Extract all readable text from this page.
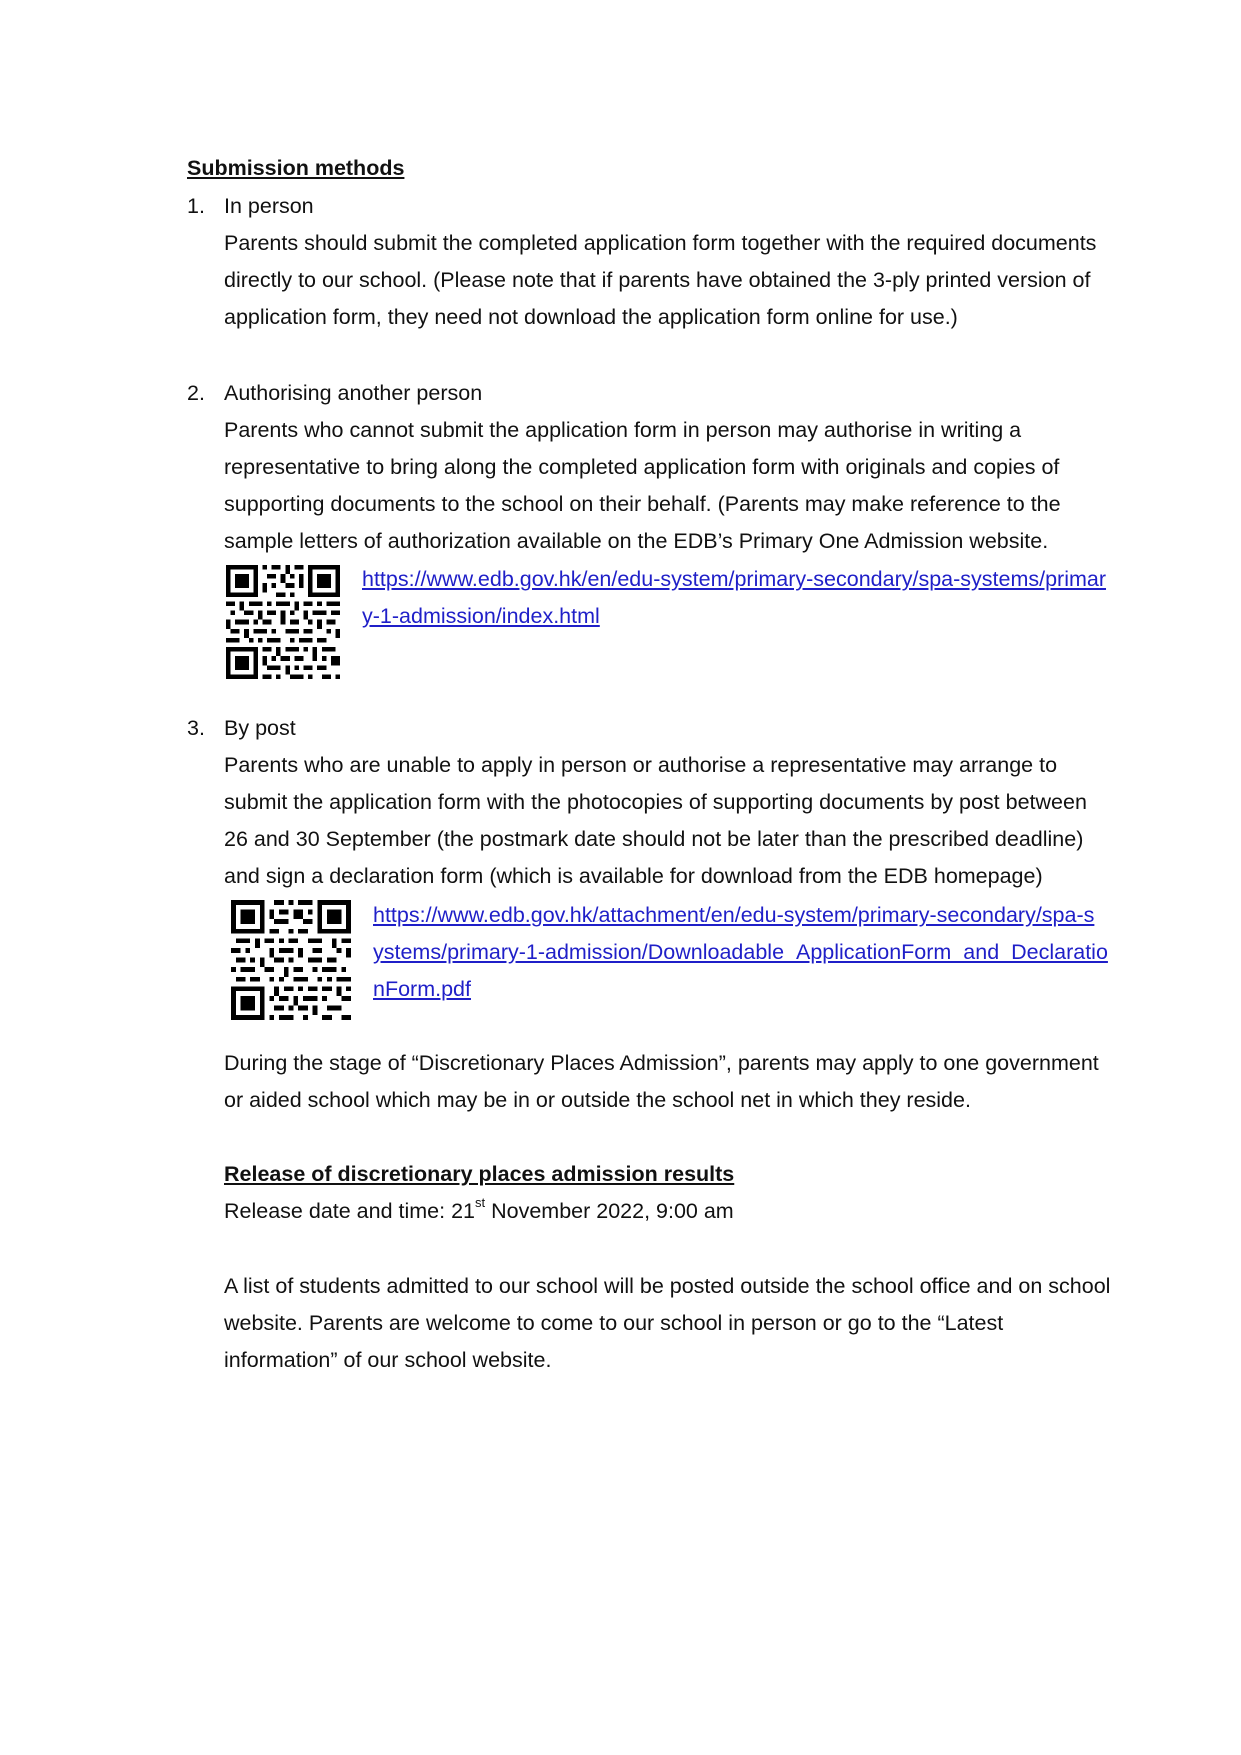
Submission methods
1. In person
Parents should submit the completed application form together with the required documents
directly to our school. (Please note that if parents have obtained the 3-ply printed version of
application form, they need not download the application form online for use.)
2. Authorising another person
Parents who cannot submit the application form in person may authorise in writing a
representative to bring along the completed application form with originals and copies of
supporting documents to the school on their behalf. (Parents may make reference to the
sample letters of authorization available on the EDB’s Primary One Admission website.
https://www.edb.gov.hk/en/edu-system/primary-secondary/spa-systems/primar
y-1-admission/index.html
3. By post
Parents who are unable to apply in person or authorise a representative may arrange to
submit the application form with the photocopies of supporting documents by post between
26 and 30 September (the postmark date should not be later than the prescribed deadline)
and sign a declaration form (which is available for download from the EDB homepage)
https://www.edb.gov.hk/attachment/en/edu-system/primary-secondary/spa-s
ystems/primary-1-admission/Downloadable_ApplicationForm_and_Declaratio
nForm.pdf
During the stage of “Discretionary Places Admission”, parents may apply to one government
or aided school which may be in or outside the school net in which they reside.
Release of discretionary places admission results
Release date and time: 21st November 2022, 9:00 am
A list of students admitted to our school will be posted outside the school office and on school
website. Parents are welcome to come to our school in person or go to the “Latest
information” of our school website.
